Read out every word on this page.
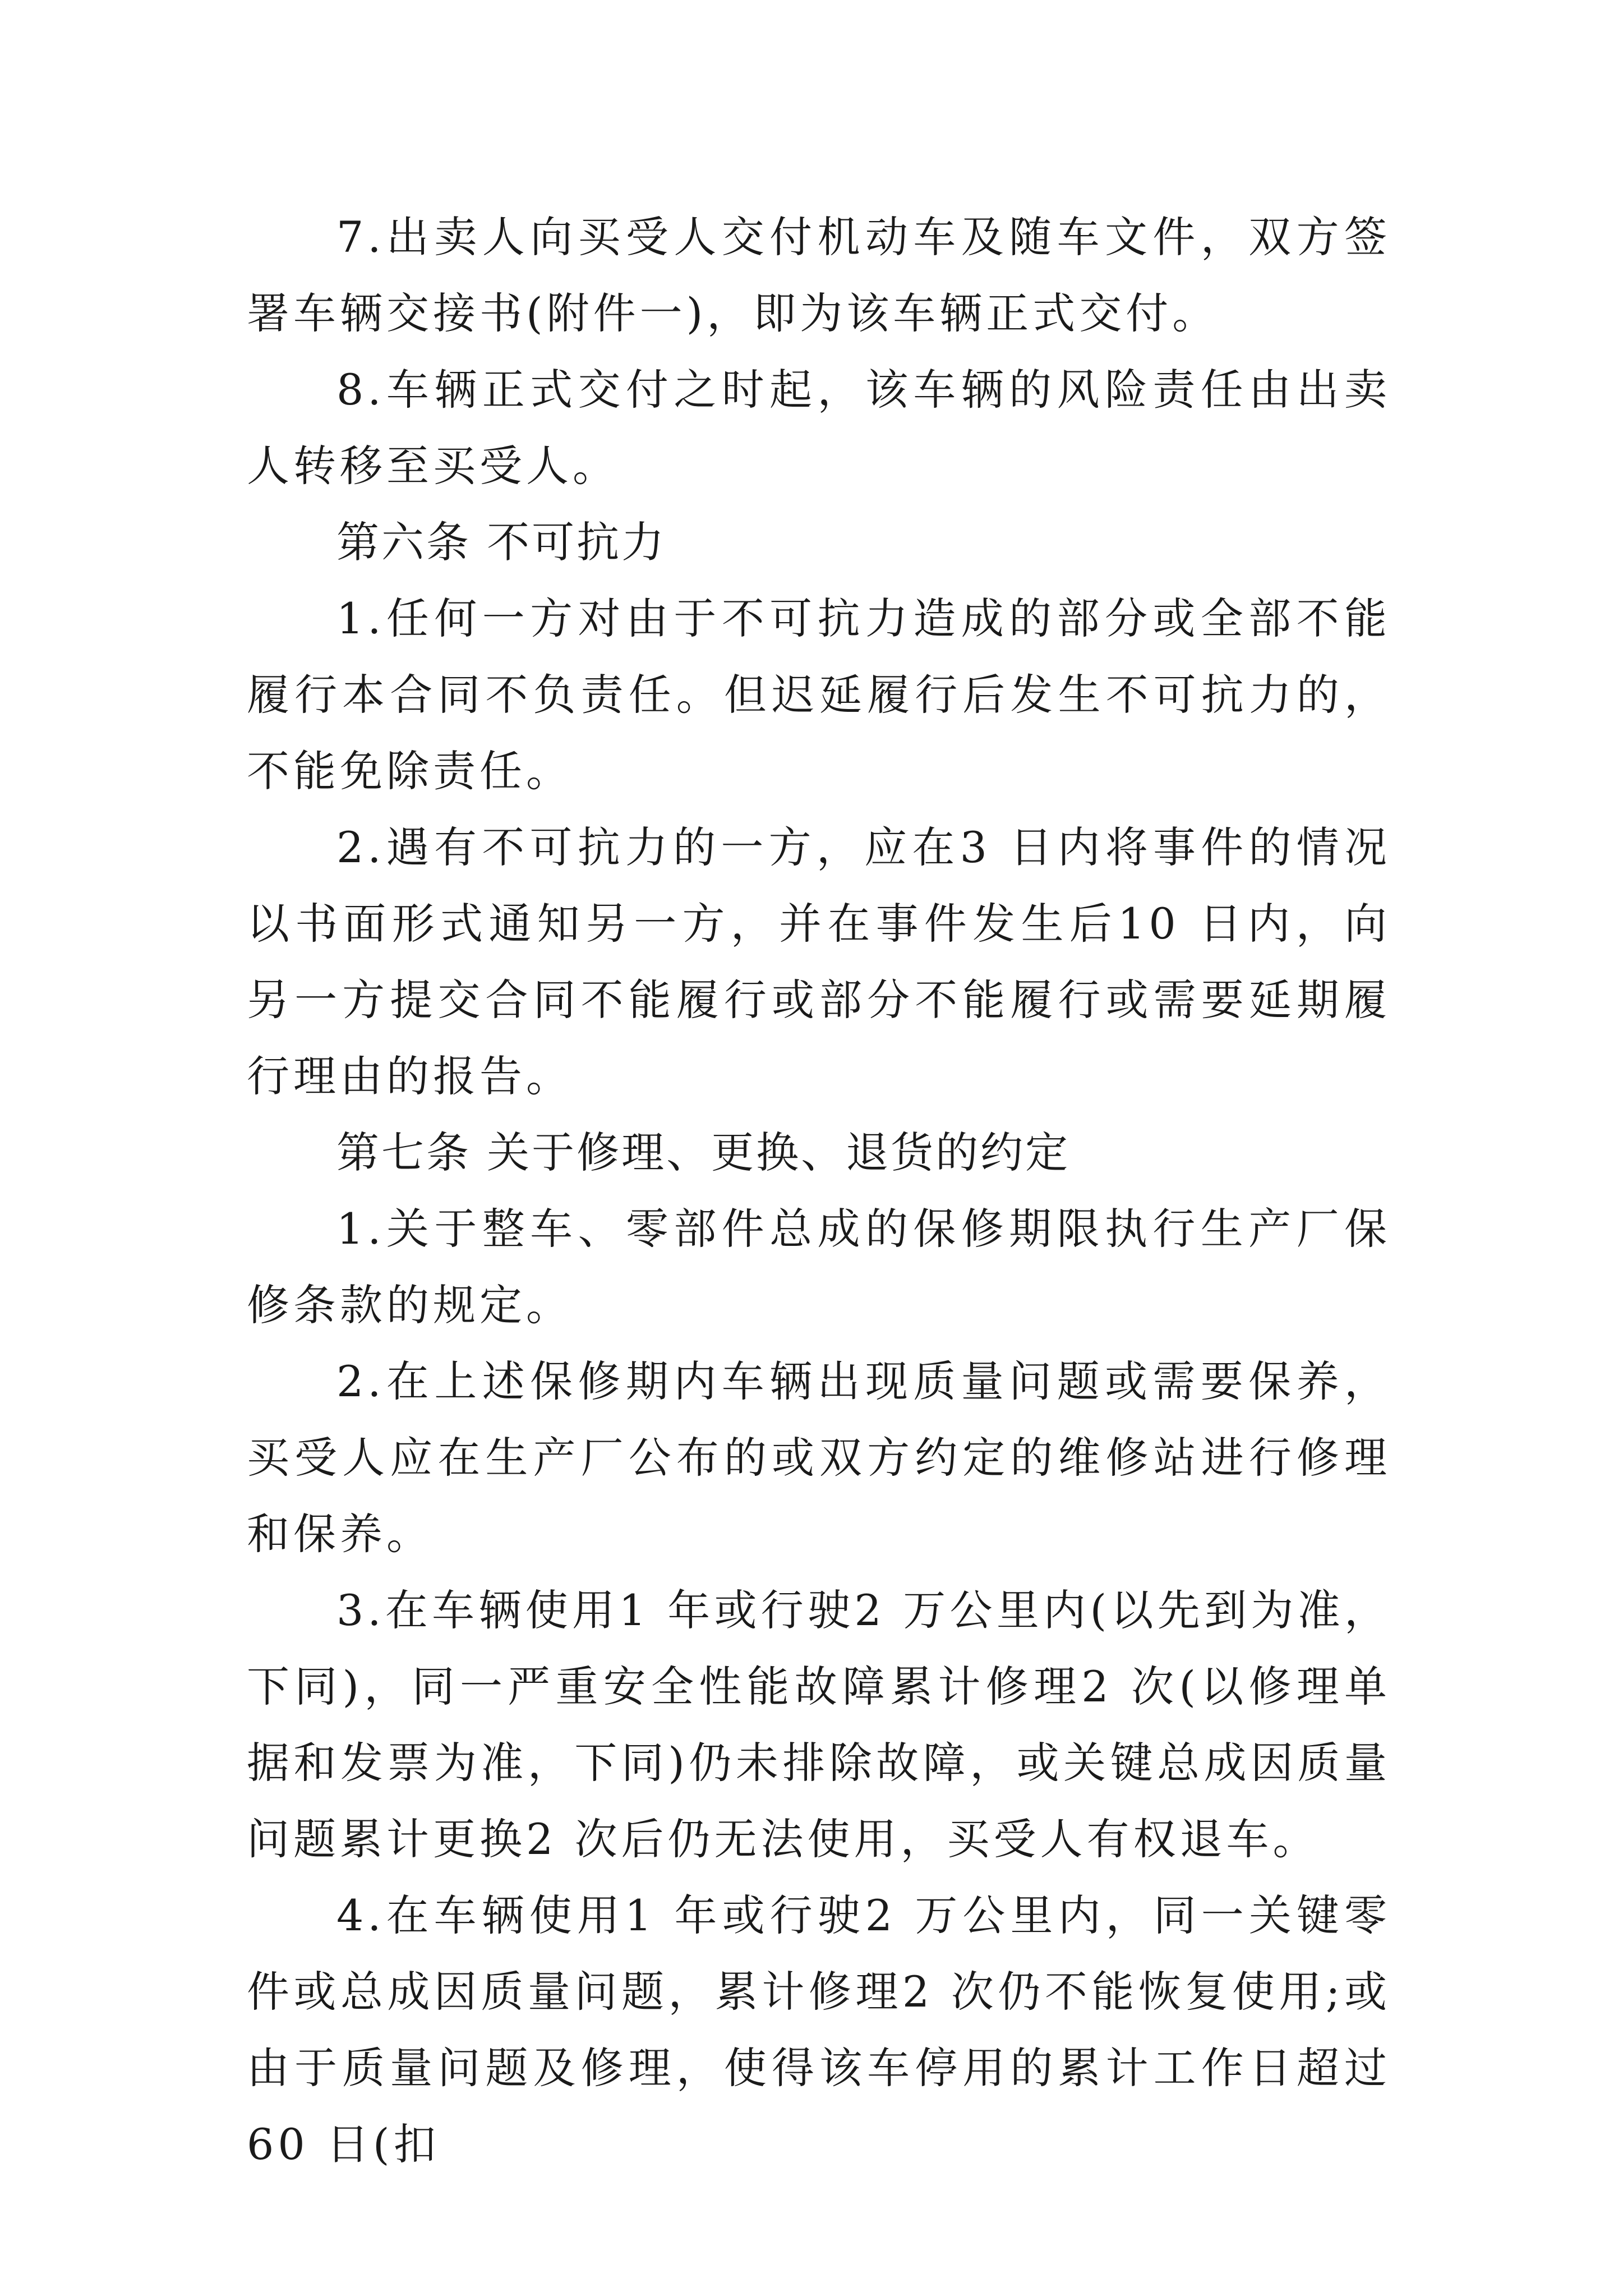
7.出卖人向买受人交付机动车及随车文件，双方签署车辆交接书(附件一)，即为该车辆正式交付。

8.车辆正式交付之时起，该车辆的风险责任由出卖人转移至买受人。

第六条 不可抗力

1.任何一方对由于不可抗力造成的部分或全部不能履行本合同不负责任。但迟延履行后发生不可抗力的，不能免除责任。

2.遇有不可抗力的一方，应在3 日内将事件的情况以书面形式通知另一方，并在事件发生后10 日内，向另一方提交合同不能履行或部分不能履行或需要延期履行理由的报告。

第七条 关于修理、更换、退货的约定

1.关于整车、零部件总成的保修期限执行生产厂保修条款的规定。

2.在上述保修期内车辆出现质量问题或需要保养，买受人应在生产厂公布的或双方约定的维修站进行修理和保养。

3.在车辆使用1 年或行驶2 万公里内(以先到为准，下同)，同一严重安全性能故障累计修理2 次(以修理单据和发票为准，下同)仍未排除故障，或关键总成因质量问题累计更换2 次后仍无法使用，买受人有权退车。

4.在车辆使用1 年或行驶2 万公里内，同一关键零件或总成因质量问题，累计修理2 次仍不能恢复使用;或由于质量问题及修理，使得该车停用的累计工作日超过60 日(扣
